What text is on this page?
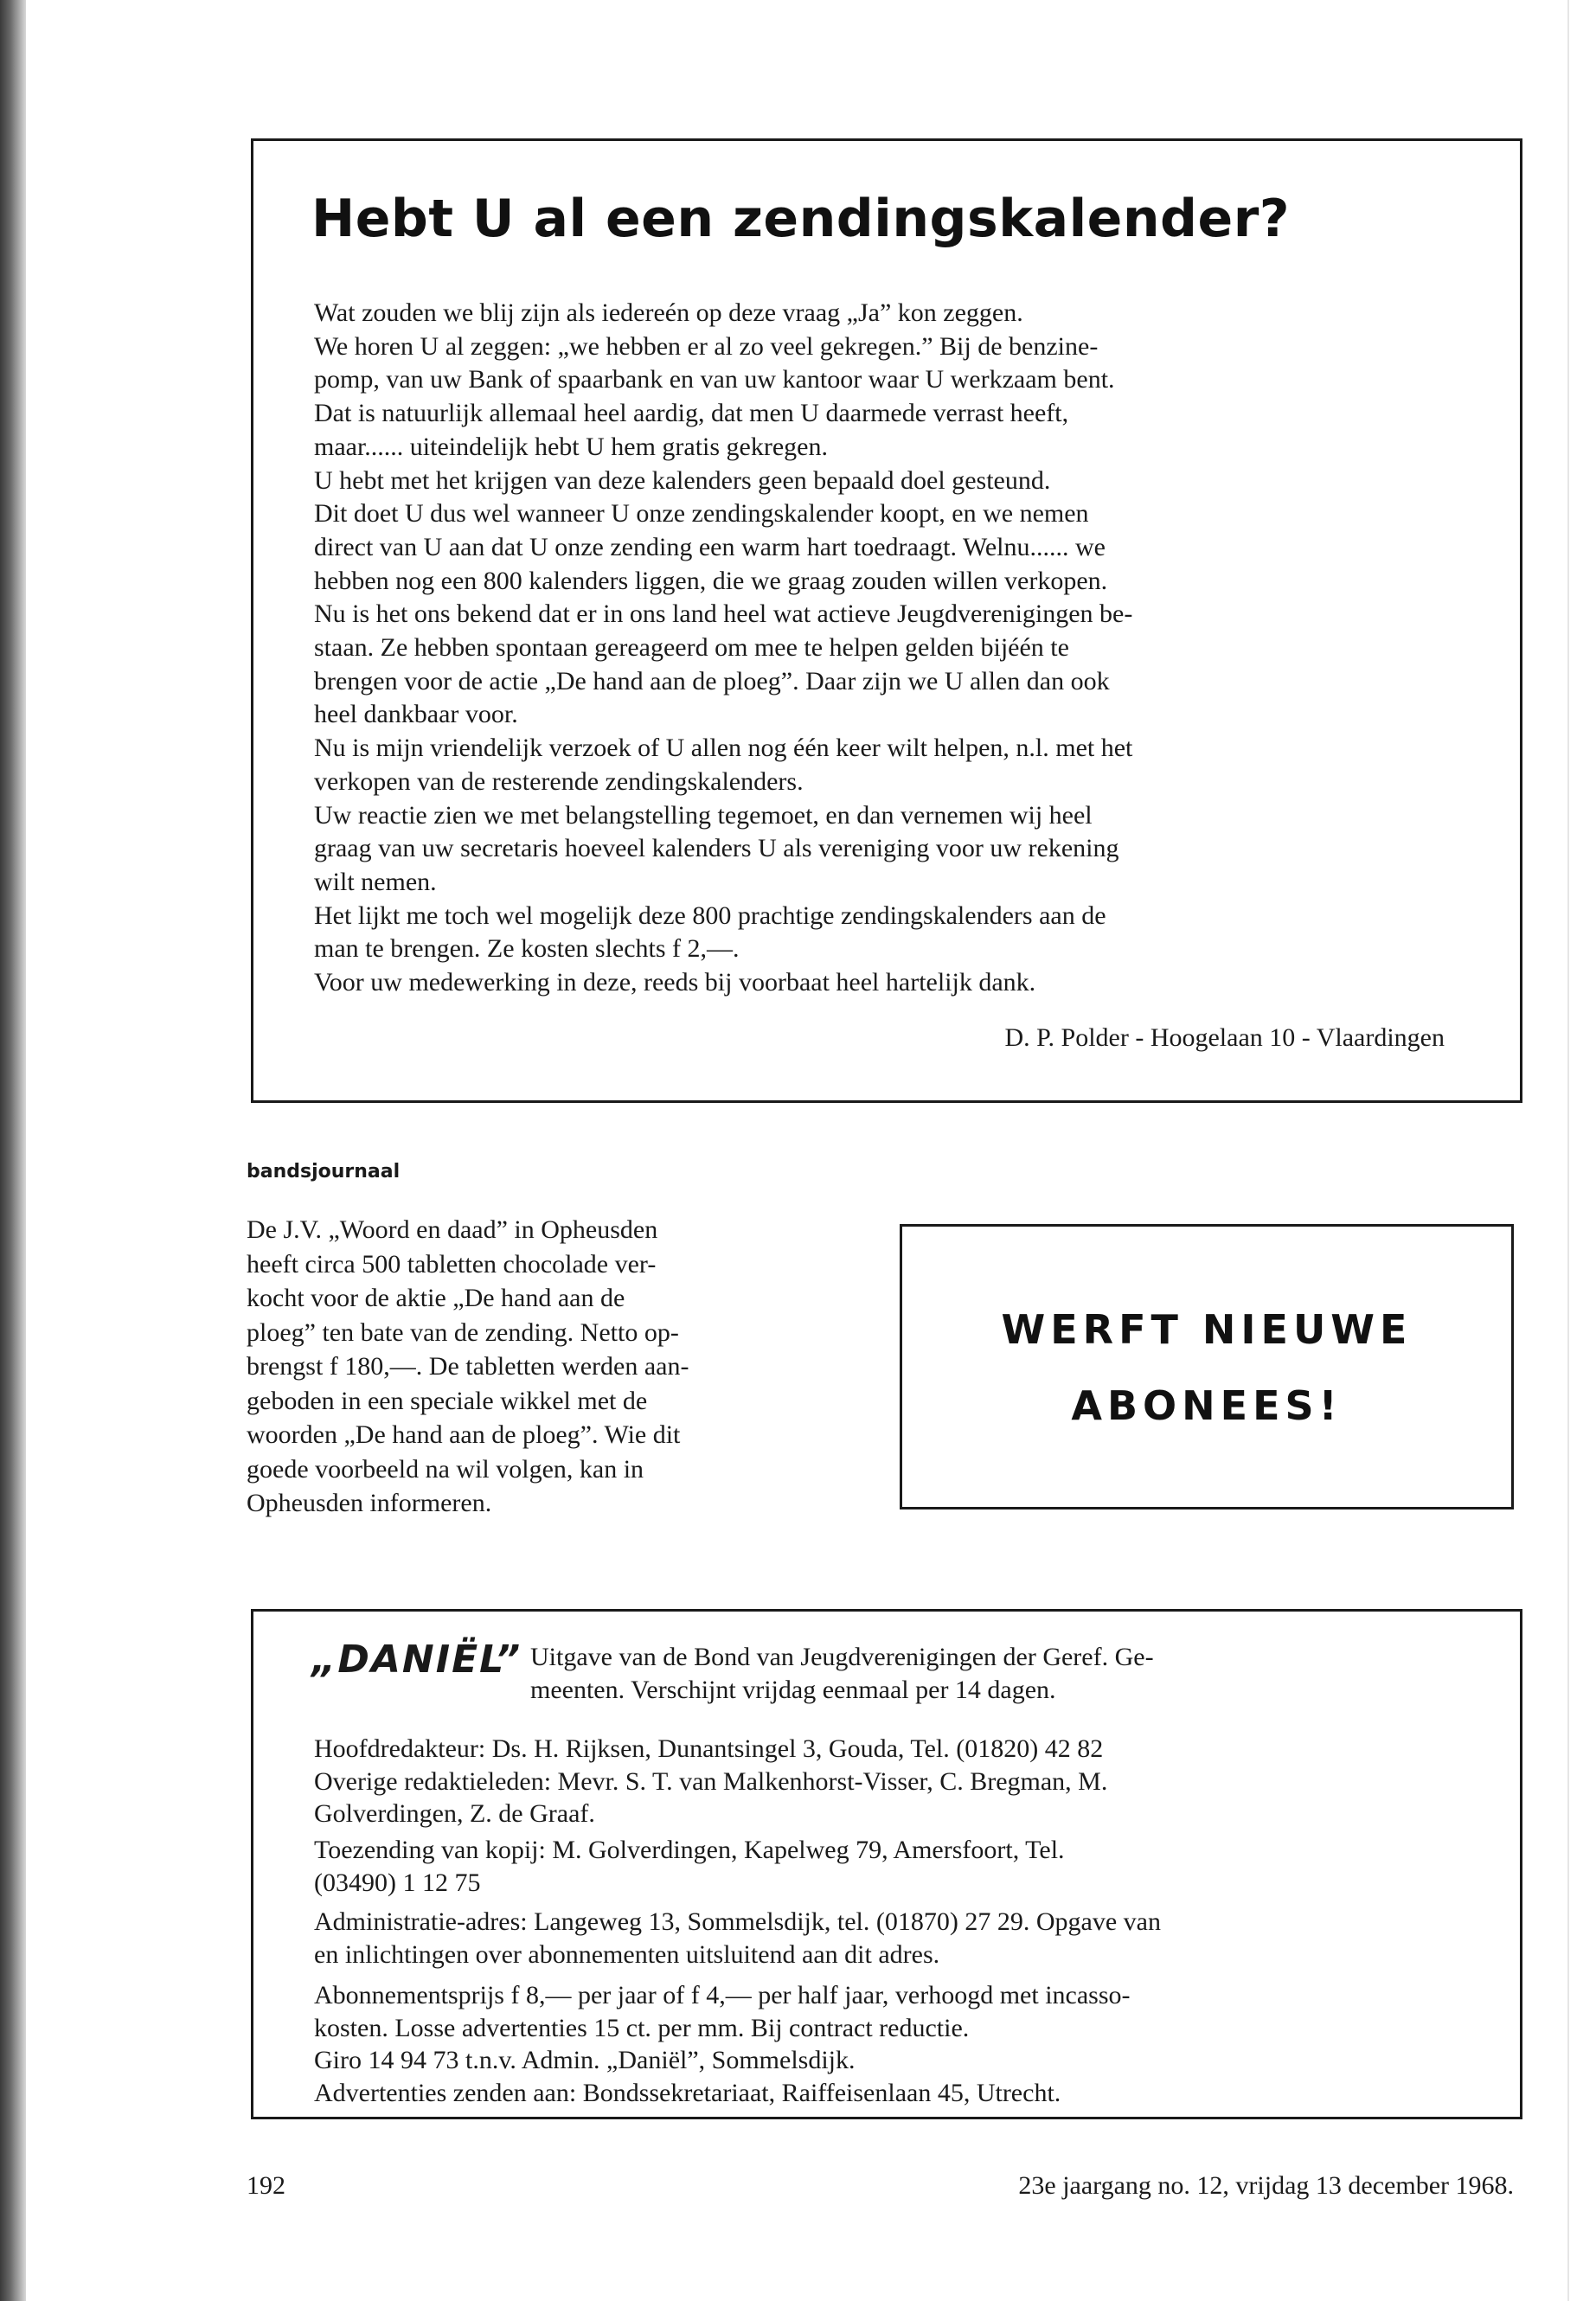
Hebt U al een zendingskalender?
Wat zouden we blij zijn als iedereén op deze vraag „Ja” kon zeggen.
We horen U al zeggen: „we hebben er al zo veel gekregen.” Bij de benzine-
pomp, van uw Bank of spaarbank en van uw kantoor waar U werkzaam bent.
Dat is natuurlijk allemaal heel aardig, dat men U daarmede verrast heeft,
maar...... uiteindelijk hebt U hem gratis gekregen.
U hebt met het krijgen van deze kalenders geen bepaald doel gesteund.
Dit doet U dus wel wanneer U onze zendingskalender koopt, en we nemen
direct van U aan dat U onze zending een warm hart toedraagt. Welnu...... we
hebben nog een 800 kalenders liggen, die we graag zouden willen verkopen.
Nu is het ons bekend dat er in ons land heel wat actieve Jeugdverenigingen be-
staan. Ze hebben spontaan gereageerd om mee te helpen gelden bijéén te
brengen voor de actie „De hand aan de ploeg”. Daar zijn we U allen dan ook
heel dankbaar voor.
Nu is mijn vriendelijk verzoek of U allen nog één keer wilt helpen, n.l. met het
verkopen van de resterende zendingskalenders.
Uw reactie zien we met belangstelling tegemoet, en dan vernemen wij heel
graag van uw secretaris hoeveel kalenders U als vereniging voor uw rekening
wilt nemen.
Het lijkt me toch wel mogelijk deze 800 prachtige zendingskalenders aan de
man te brengen. Ze kosten slechts f 2,—.
Voor uw medewerking in deze, reeds bij voorbaat heel hartelijk dank.

D. P. Polder - Hoogelaan 10 - Vlaardingen

bandsjournaal

De J.V. „Woord en daad” in Opheusden
heeft circa 500 tabletten chocolade ver-
kocht voor de aktie „De hand aan de
ploeg” ten bate van de zending. Netto op-
brengst f 180,—. De tabletten werden aan-
geboden in een speciale wikkel met de
woorden „De hand aan de ploeg”. Wie dit
goede voorbeeld na wil volgen, kan in
Opheusden informeren.

WERFT NIEUWE

ABONEES!

„DANIËL” Uitgave van de Bond van Jeugdverenigingen der Geref. Ge-
meenten. Verschijnt vrijdag eenmaal per 14 dagen.
Hoofdredakteur: Ds. H. Rijksen, Dunantsingel 3, Gouda, Tel. (01820) 42 82
Overige redaktieleden: Mevr. S. T. van Malkenhorst-Visser, C. Bregman, M.
Golverdingen, Z. de Graaf.
Toezending van kopij: M. Golverdingen, Kapelweg 79, Amersfoort, Tel.
(03490) 1 12 75
Administratie-adres: Langeweg 13, Sommelsdijk, tel. (01870) 27 29. Opgave van
en inlichtingen over abonnementen uitsluitend aan dit adres.
Abonnementsprijs f 8,— per jaar of f 4,— per half jaar, verhoogd met incasso-
kosten. Losse advertenties 15 ct. per mm. Bij contract reductie.
Giro 14 94 73 t.n.v. Admin. „Daniël”, Sommelsdijk.
Advertenties zenden aan: Bondssekretariaat, Raiffeisenlaan 45, Utrecht.

192	23e jaargang no. 12, vrijdag 13 december 1968.
